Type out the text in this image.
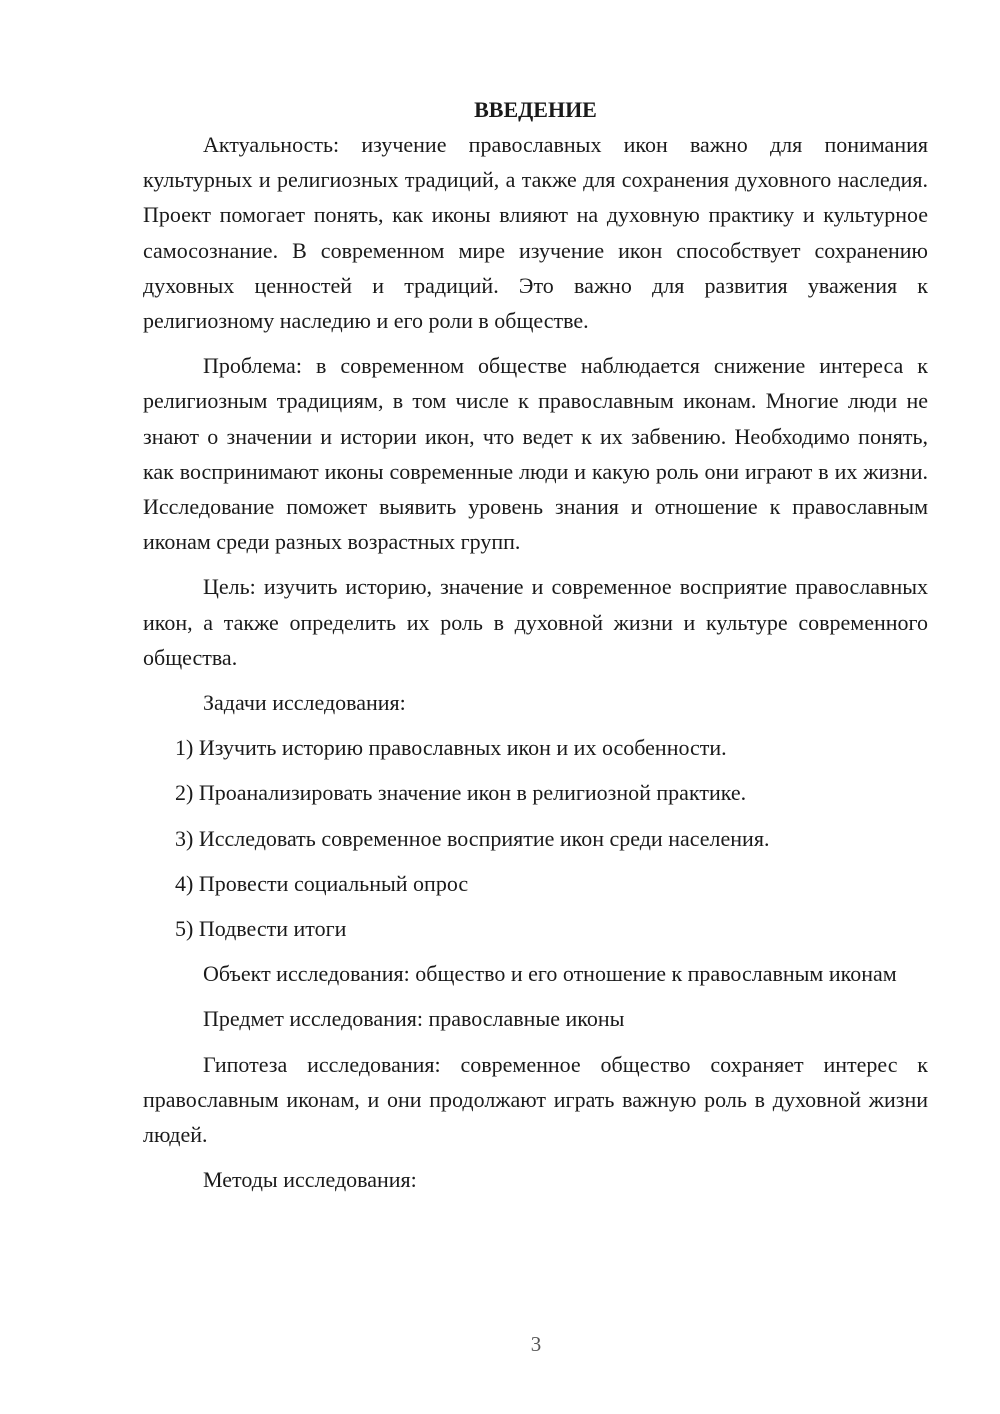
ВВЕДЕНИЕ

Актуальность: изучение православных икон важно для понимания культурных и религиозных традиций, а также для сохранения духовного наследия. Проект помогает понять, как иконы влияют на духовную практику и культурное самосознание. В современном мире изучение икон способствует сохранению духовных ценностей и традиций. Это важно для развития уважения к религиозному наследию и его роли в обществе.

Проблема: в современном обществе наблюдается снижение интереса к религиозным традициям, в том числе к православным иконам. Многие люди не знают о значении и истории икон, что ведет к их забвению. Необходимо понять, как воспринимают иконы современные люди и какую роль они играют в их жизни. Исследование поможет выявить уровень знания и отношение к православным иконам среди разных возрастных групп.

Цель: изучить историю, значение и современное восприятие православных икон, а также определить их роль в духовной жизни и культуре современного общества.

Задачи исследования:

1) Изучить историю православных икон и их особенности.

2) Проанализировать значение икон в религиозной практике.

3) Исследовать современное восприятие икон среди населения.

4) Провести социальный опрос

5) Подвести итоги

Объект исследования: общество и его отношение к православным иконам

Предмет исследования: православные иконы

Гипотеза исследования: современное общество сохраняет интерес к православным иконам, и они продолжают играть важную роль в духовной жизни людей.

Методы исследования:

3
